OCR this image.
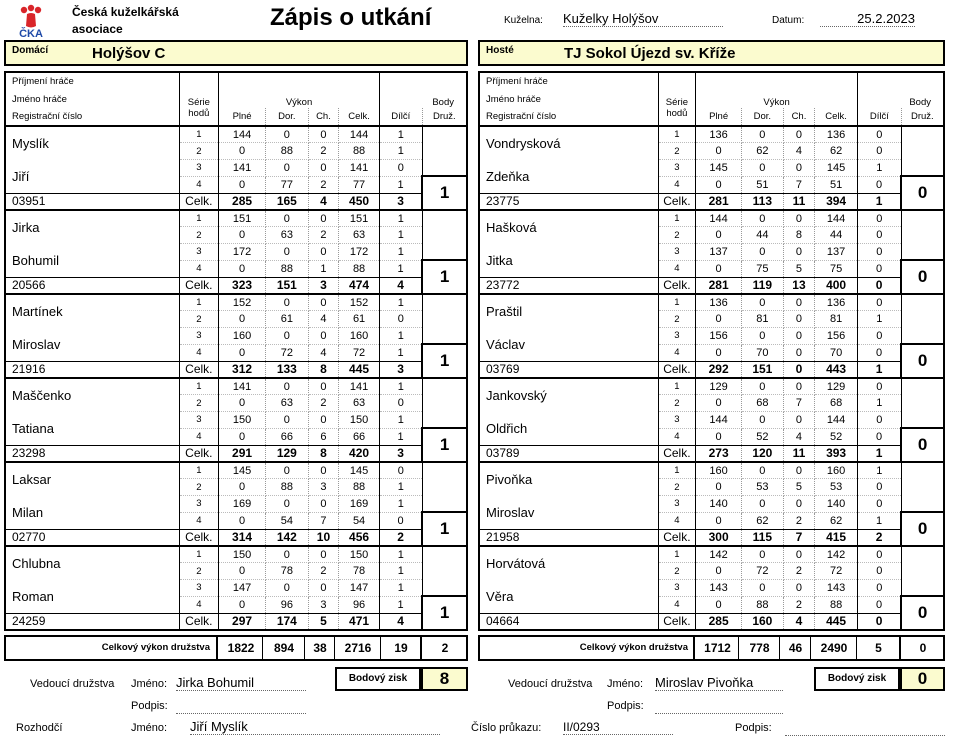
ČKA
Česká kuželkářská
asociace	Zápis o utkání	Kuželna: Kuželky Holýšov	Datum:	25.2.2023
Domácí	Holýšov C	Hosté	TJ Sokol Újezd sv. Kříže
Příjmení hráče	Série					Body	
Jméno hráče		Výkon					
Registrační číslo	hodů	Plné	Dor.	Ch.	Celk.	Dílčí	Druž.
Myslík	1	144	0	0	144	1	
	2	0	88	2	88	1	
Jiří	3	141	0	0	141	0	
	4	0	77	2	77	1	1
03951	Celk.	285	165	4	450	3	
Jirka	1	151	0	0	151	1	
	2	0	63	2	63	1	
Bohumil	3	172	0	0	172	1	
	4	0	88	1	88	1	1
20566	Celk.	323	151	3	474	4	
Martínek	1	152	0	0	152	1	
	2	0	61	4	61	0	
Miroslav	3	160	0	0	160	1	
	4	0	72	4	72	1	1
21916	Celk.	312	133	8	445	3	
Maščenko	1	141	0	0	141	1	
	2	0	63	2	63	0	
Tatiana	3	150	0	0	150	1	
	4	0	66	6	66	1	1
23298	Celk.	291	129	8	420	3	
Laksar	1	145	0	0	145	0	
	2	0	88	3	88	1	
Milan	3	169	0	0	169	1	
	4	0	54	7	54	0	1
02770	Celk.	314	142	10	456	2	
Chlubna	1	150	0	0	150	1	
	2	0	78	2	78	1	
Roman	3	147	0	0	147	1	
	4	0	96	3	96	1	1
24259	Celk.	297	174	5	471	4	
Příjmení hráče	Série					Body	
Jméno hráče		Výkon					
Registrační číslo	hodů	Plné	Dor.	Ch.	Celk.	Dílčí	Druž.
Vondrysková	1	136	0	0	136	0	
	2	0	62	4	62	0	
Zdeňka	3	145	0	0	145	1	
	4	0	51	7	51	0	0
23775	Celk.	281	113	11	394	1	
Hašková	1	144	0	0	144	0	
	2	0	44	8	44	0	
Jitka	3	137	0	0	137	0	
	4	0	75	5	75	0	0
23772	Celk.	281	119	13	400	0	
Praštil	1	136	0	0	136	0	
	2	0	81	0	81	1	
Václav	3	156	0	0	156	0	
	4	0	70	0	70	0	0
03769	Celk.	292	151	0	443	1	
Jankovský	1	129	0	0	129	0	
	2	0	68	7	68	1	
Oldřich	3	144	0	0	144	0	
	4	0	52	4	52	0	0
03789	Celk.	273	120	11	393	1	
Pivoňka	1	160	0	0	160	1	
	2	0	53	5	53	0	
Miroslav	3	140	0	0	140	0	
	4	0	62	2	62	1	0
21958	Celk.	300	115	7	415	2	
Horvátová	1	142	0	0	142	0	
	2	0	72	2	72	0	
Věra	3	143	0	0	143	0	
	4	0	88	2	88	0	0
04664	Celk.	285	160	4	445	0	
Celkový výkon družstva	1822	894	38	2716	19	2	Celkový výkon družstva	1712	778	46	2490	5	0
Vedoucí družstva Jméno: Jirka Bohumil
Podpis:
Bodový zisk	8	Vedoucí družstva Jméno: Miroslav Pivoňka
Podpis:
Bodový zisk	0
Rozhodčí	Jméno: Jiří Myslík	Číslo průkazu: II/0293	Podpis:
